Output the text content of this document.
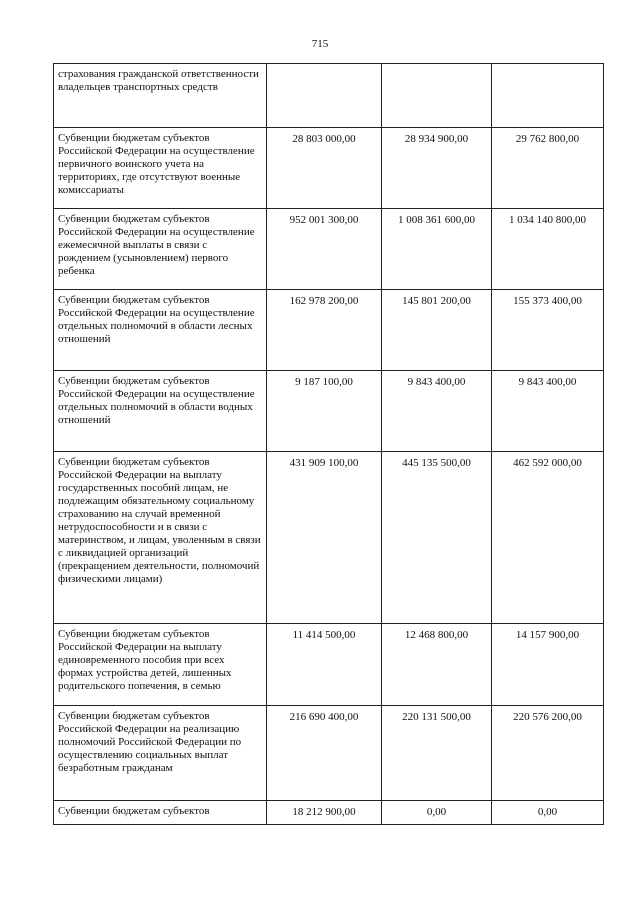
715
страхования гражданской ответственности владельцев транспортных средств			
Субвенции бюджетам субъектов Российской Федерации на осуществление первичного воинского учета на территориях, где отсутствуют военные комиссариаты	28 803 000,00	28 934 900,00	29 762 800,00
Субвенции бюджетам субъектов Российской Федерации на осуществление ежемесячной выплаты в связи с рождением (усыновлением) первого ребенка	952 001 300,00	1 008 361 600,00	1 034 140 800,00
Субвенции бюджетам субъектов Российской Федерации на осуществление отдельных полномочий в области лесных отношений	162 978 200,00	145 801 200,00	155 373 400,00
Субвенции бюджетам субъектов Российской Федерации на осуществление отдельных полномочий в области водных отношений	9 187 100,00	9 843 400,00	9 843 400,00
Субвенции бюджетам субъектов Российской Федерации на выплату государственных пособий лицам, не подлежащим обязательному социальному страхованию на случай временной нетрудоспособности и в связи с материнством, и лицам, уволенным в связи с ликвидацией организаций (прекращением деятельности, полномочий физическими лицами)	431 909 100,00	445 135 500,00	462 592 000,00
Субвенции бюджетам субъектов Российской Федерации на выплату единовременного пособия при всех формах устройства детей, лишенных родительского попечения, в семью	11 414 500,00	12 468 800,00	14 157 900,00
Субвенции бюджетам субъектов Российской Федерации на реализацию полномочий Российской Федерации по осуществлению социальных выплат безработным гражданам	216 690 400,00	220 131 500,00	220 576 200,00
Субвенции бюджетам субъектов	18 212 900,00	0,00	0,00
